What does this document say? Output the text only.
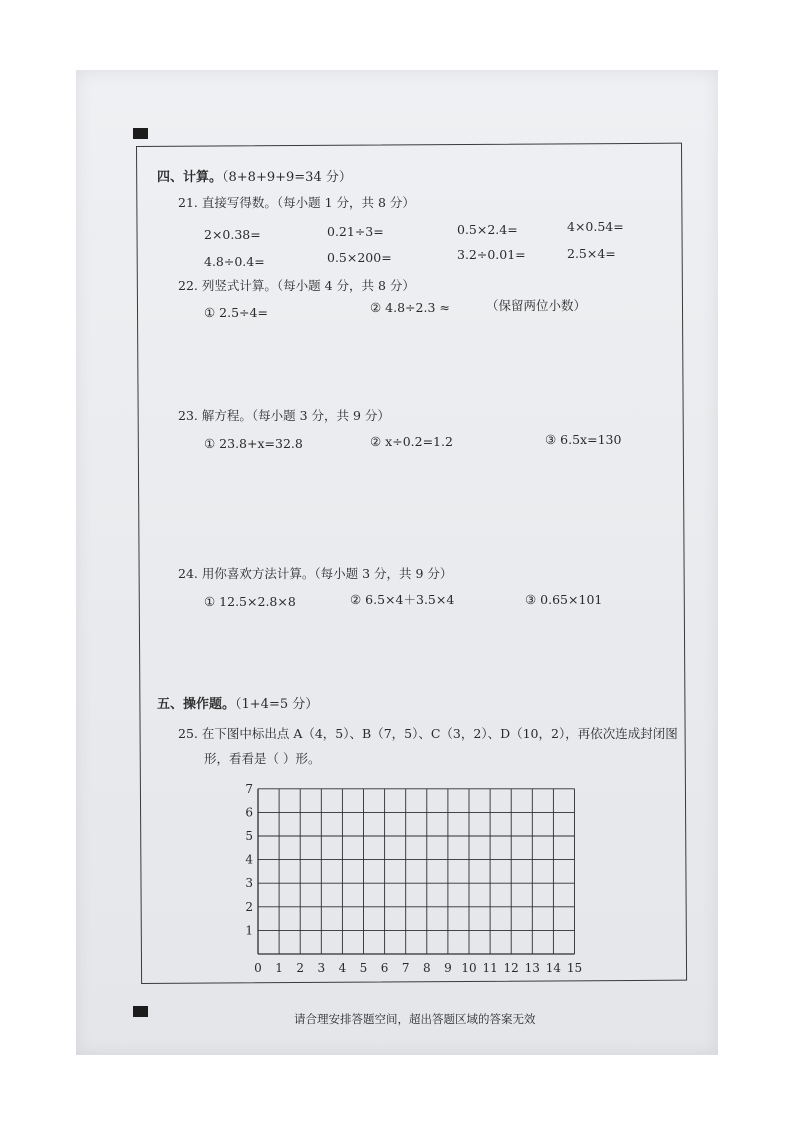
四、计算。（8+8+9+9=34 分）
21. 直接写得数。（每小题 1 分，共 8 分）
2×0.38=	0.21÷3=	0.5×2.4=	4×0.54=
4.8÷0.4=	0.5×200=	3.2÷0.01=	2.5×4=
22. 列竖式计算。（每小题 4 分，共 8 分）
① 2.5÷4=	② 4.8÷2.3 ≈	（保留两位小数）
23. 解方程。（每小题 3 分，共 9 分）
① 23.8+x=32.8	② x÷0.2=1.2	③ 6.5x=130
24. 用你喜欢方法计算。（每小题 3 分，共 9 分）
① 12.5×2.8×8	② 6.5×4＋3.5×4	③ 0.65×101
五、操作题。（1+4=5 分）
25. 在下图中标出点 A（4，5）、B（7，5）、C（3，2）、D（10，2），再依次连成封闭图
形，看看是（ ）形。
0 1 2 3 4 5 6 7 8 9 10 11 12 13 14 15
1
2
3
4
5
6
7
请合理安排答题空间，超出答题区域的答案无效
